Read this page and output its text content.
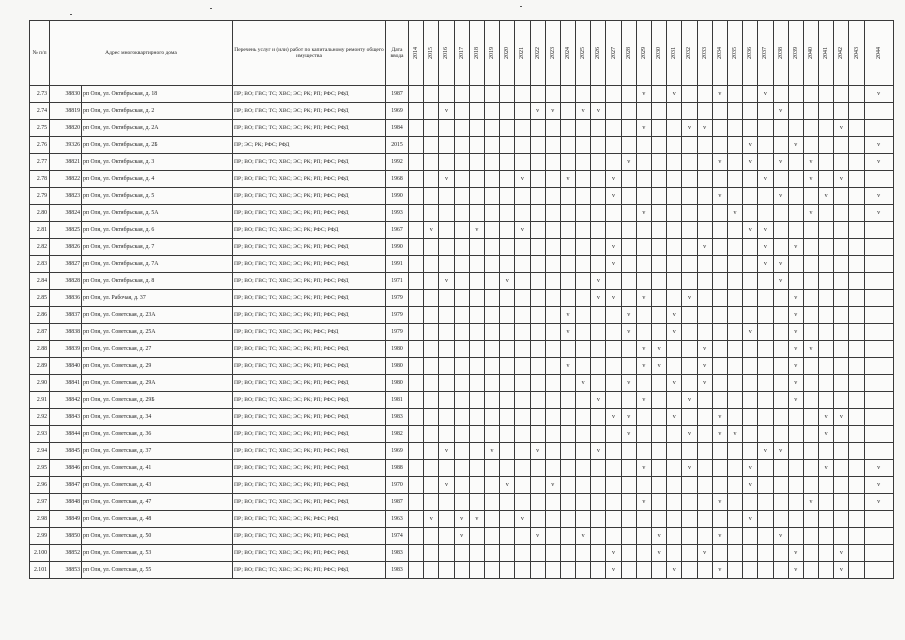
№ п/п	Адрес многоквартирного дома		Перечень услуг и (или) работ по капитальному ремонту общего имущества	Дата ввода	2014	2015	2016	2017	2018	2019	2020	2021	2022	2023	2024	2025	2026	2027	2028	2029	2030	2031	2032	2033	2034	2035	2036	2037	2038	2039	2040	2041	2042	2043	2044
2.73	38830	рп Оля, ул. Октябрьская, д. 18	ПР; ВО; ГВС; ТС; ХВС; ЭС; РК; РП; РФС; РФД	1987																v		v			v			v							v
2.74	38819	рп Оля, ул. Октябрьская, д. 2	ПР; ВО; ГВС; ТС; ХВС; ЭС; РК; РП; РФС; РФД	1969			v						v	v		v	v												v						
2.75	38820	рп Оля, ул. Октябрьская, д. 2А	ПР; ВО; ГВС; ТС; ХВС; ЭС; РК; РП; РФС; РФД	1984																v			v	v									v		
2.76	39326	рп Оля, ул. Октябрьская, д. 2Б	ПР; ЭС; РК; РФС; РФД	2015																							v			v					v
2.77	38821	рп Оля, ул. Октябрьская, д. 3	ПР; ВО; ГВС; ТС; ХВС; ЭС; РК; РП; РФС; РФД	1992															v						v		v		v		v				v
2.78	38822	рп Оля, ул. Октябрьская, д. 4	ПР; ВО; ГВС; ТС; ХВС; ЭС; РК; РП; РФС; РФД	1968			v					v			v			v										v			v		v		
2.79	38823	рп Оля, ул. Октябрьская, д. 5	ПР; ВО; ГВС; ТС; ХВС; ЭС; РК; РП; РФС; РФД	1990														v							v				v			v			v
2.80	38824	рп Оля, ул. Октябрьская, д. 5А	ПР; ВО; ГВС; ТС; ХВС; ЭС; РК; РП; РФС; РФД	1993																v						v					v				v
2.81	38825	рп Оля, ул. Октябрьская, д. 6	ПР; ВО; ГВС; ТС; ХВС; ЭС; РК; РФС; РФД	1967		v			v			v															v	v							
2.82	38826	рп Оля, ул. Октябрьская, д. 7	ПР; ВО; ГВС; ТС; ХВС; ЭС; РК; РП; РФС; РФД	1990														v						v				v		v					
2.83	38827	рп Оля, ул. Октябрьская, д. 7А	ПР; ВО; ГВС; ТС; ХВС; ЭС; РК; РП; РФС; РФД	1991														v										v	v						
2.84	38828	рп Оля, ул. Октябрьская, д. 8	ПР; ВО; ГВС; ТС; ХВС; ЭС; РК; РП; РФС; РФД	1971			v				v						v												v						
2.85	38836	рп Оля, ул. Рабочая, д. 37	ПР; ВО; ГВС; ТС; ХВС; ЭС; РК; РП; РФС; РФД	1979													v	v		v			v							v					
2.86	38837	рп Оля, ул. Советская, д. 23А	ПР; ВО; ГВС; ТС; ХВС; ЭС; РК; РП; РФС; РФД	1979											v				v			v								v					
2.87	38838	рп Оля, ул. Советская, д. 25А	ПР; ВО; ГВС; ТС; ХВС; ЭС; РК; РФС; РФД	1979											v				v			v					v			v					
2.88	38839	рп Оля, ул. Советская, д. 27	ПР; ВО; ГВС; ТС; ХВС; ЭС; РК; РП; РФС; РФД	1980																v	v			v						v	v				
2.89	38840	рп Оля, ул. Советская, д. 29	ПР; ВО; ГВС; ТС; ХВС; ЭС; РК; РП; РФС; РФД	1980											v					v	v			v						v					
2.90	38841	рп Оля, ул. Советская, д. 29А	ПР; ВО; ГВС; ТС; ХВС; ЭС; РК; РП; РФС; РФД	1980												v			v			v		v						v					
2.91	38842	рп Оля, ул. Советская, д. 29Б	ПР; ВО; ГВС; ТС; ХВС; ЭС; РК; РП; РФС; РФД	1981													v			v			v							v					
2.92	38843	рп Оля, ул. Советская, д. 34	ПР; ВО; ГВС; ТС; ХВС; ЭС; РК; РП; РФС; РФД	1983														v	v			v			v							v	v		
2.93	38844	рп Оля, ул. Советская, д. 36	ПР; ВО; ГВС; ТС; ХВС; ЭС; РК; РП; РФС; РФД	1982															v				v		v	v						v			
2.94	38845	рп Оля, ул. Советская, д. 37	ПР; ВО; ГВС; ТС; ХВС; ЭС; РК; РП; РФС; РФД	1969			v			v			v				v											v	v						
2.95	38846	рп Оля, ул. Советская, д. 41	ПР; ВО; ГВС; ТС; ХВС; ЭС; РК; РП; РФС; РФД	1988																v			v				v					v			v
2.96	38847	рп Оля, ул. Советская, д. 43	ПР; ВО; ГВС; ТС; ХВС; ЭС; РК; РП; РФС; РФД	1970			v				v			v													v								v
2.97	38848	рп Оля, ул. Советская, д. 47	ПР; ВО; ГВС; ТС; ХВС; ЭС; РК; РП; РФС; РФД	1987																v					v						v				v
2.98	38849	рп Оля, ул. Советская, д. 48	ПР; ВО; ГВС; ТС; ХВС; ЭС; РК; РФС; РФД	1963		v		v	v			v															v								
2.99	38850	рп Оля, ул. Советская, д. 50	ПР; ВО; ГВС; ТС; ХВС; ЭС; РК; РП; РФС; РФД	1974				v					v			v					v				v				v						
2.100	38852	рп Оля, ул. Советская, д. 53	ПР; ВО; ГВС; ТС; ХВС; ЭС; РК; РП; РФС; РФД	1983														v			v			v						v			v		
2.101	38853	рп Оля, ул. Советская, д. 55	ПР; ВО; ГВС; ТС; ХВС; ЭС; РК; РП; РФС; РФД	1983														v				v			v					v			v		
